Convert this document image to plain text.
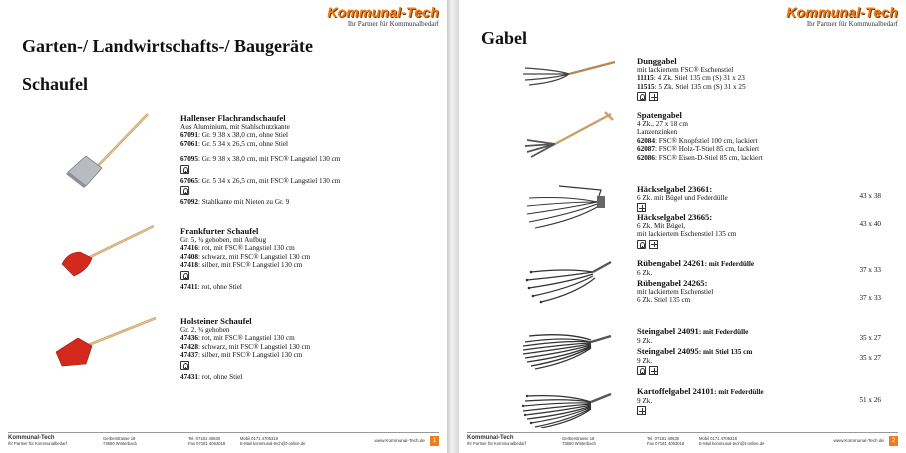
Kommunal-Tech
Ihr Partner für Kommunalbedarf
Garten-/ Landwirtschafts-/ Baugeräte
Schaufel
Hallenser Flachrandschaufel
Aus Aluminium, mit Stahlschutzkante
67091: Gr. 9 38 x 38,0 cm, ohne Stiel
67061: Gr. 5 34 x 26,5 cm, ohne Stiel
67095: Gr. 9 38 x 38,0 cm, mit FSC® Langstiel 130 cm
67065: Gr. 5 34 x 26,5 cm, mit FSC® Langstiel 130 cm
67092: Stahlkante mit Nieten zu Gr. 9
Frankfurter Schaufel
Gr. 5, ¾ gehoben, mit Aufbug
47416: rot, mit FSC® Langstiel 130 cm
47408: schwarz, mit FSC® Langstiel 130 cm
47418: silber, mit FSC® Langstiel 130 cm
47411: rot, ohne Stiel
Holsteiner Schaufel
Gr. 2, ¾ gehoben
47436: rot, mit FSC® Langstiel 130 cm
47428: schwarz, mit FSC® Langstiel 130 cm
47437: silber, mit FSC® Langstiel 130 cm
47431: rot, ohne Stiel
Kommunal-Tech
Ihr Partner für Kommunalbedarf
Gerberstrasse 18
73650 Winterbach
Tel. 07181 40630
Fax 07181 4063018
Mobil 0171 4705318
E-Mail kommunal-tech@t-online.de
www.Kommunal-Tech.de	1
Kommunal-Tech
Ihr Partner für Kommunalbedarf
Gabel
Dunggabel
mit lackiertem FSC® Eschenstiel
11115: 4 Zk. Stiel 135 cm (S) 31 x 23
11515: 5 Zk. Stiel 135 cm (S) 31 x 25
Spatengabel
4 Zk., 27 x 18 cm
Lanzenzinken
62084: FSC® Knopfstiel 100 cm, lackiert
62087: FSC® Holz-T-Stiel 85 cm, lackiert
62086: FSC® Eisen-D-Stiel 85 cm, lackiert
Häckselgabel 23661:
6 Zk. mit Bügel und Federdülle	43 x 38
Häckselgabel 23665:
6 Zk. Mit Bügel,
mit lackiertem Eschenstiel 135 cm
43 x 40
Rübengabel 24261: mit Federdülle
6 Zk.	37 x 33
Rübengabel 24265:
mit lackiertem Eschenstiel
6 Zk. Stiel 135 cm	37 x 33
Steingabel 24091: mit Federdülle
9 Zk.	35 x 27
Steingabel 24095: mit Stiel 135 cm
9 Zk.	35 x 27
Kartoffelgabel 24101: mit Federdülle
9 Zk.	51 x 26
Kommunal-Tech
Ihr Partner für Kommunalbedarf
Gerberstrasse 18
73650 Winterbach
Tel. 07181 40630
Fax 07181 4063018
Mobil 0171 4705318
E-Mail kommunal-tech@t-online.de
www.Kommunal-Tech.de	2
